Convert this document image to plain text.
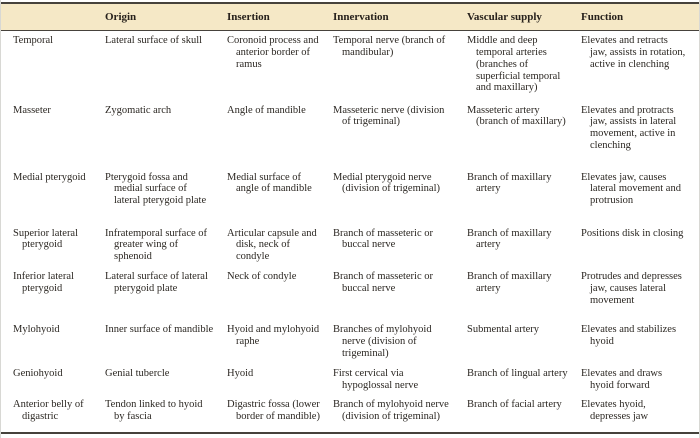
	Origin	Insertion	Innervation	Vascular supply	Function

Temporal	Lateral surface of skull	Coronoid process and anterior border of ramus	Temporal nerve (branch of mandibular)	Middle and deep temporal arteries (branches of superficial temporal and maxillary)	Elevates and retracts jaw, assists in rotation, active in clenching

Masseter	Zygomatic arch	Angle of mandible	Masseteric nerve (division of trigeminal)	Masseteric artery (branch of maxillary)	Elevates and protracts jaw, assists in lateral movement, active in clenching

Medial pterygoid	Pterygoid fossa and medial surface of lateral pterygoid plate	Medial surface of angle of mandible	Medial pterygoid nerve (division of trigeminal)	Branch of maxillary artery	Elevates jaw, causes lateral movement and protrusion

Superior lateral pterygoid	Infratemporal surface of greater wing of sphenoid	Articular capsule and disk, neck of condyle	Branch of masseteric or buccal nerve	Branch of maxillary artery	Positions disk in closing

Inferior lateral pterygoid	Lateral surface of lateral pterygoid plate	Neck of condyle	Branch of masseteric or buccal nerve	Branch of maxillary artery	Protrudes and depresses jaw, causes lateral movement

Mylohyoid	Inner surface of mandible	Hyoid and mylohyoid raphe	Branches of mylohyoid nerve (division of trigeminal)	Submental artery	Elevates and stabilizes hyoid

Geniohyoid	Genial tubercle	Hyoid	First cervical via hypoglossal nerve	Branch of lingual artery	Elevates and draws hyoid forward

Anterior belly of digastric	Tendon linked to hyoid by fascia	Digastric fossa (lower border of mandible)	Branch of mylohyoid nerve (division of trigeminal)	Branch of facial artery	Elevates hyoid, depresses jaw
